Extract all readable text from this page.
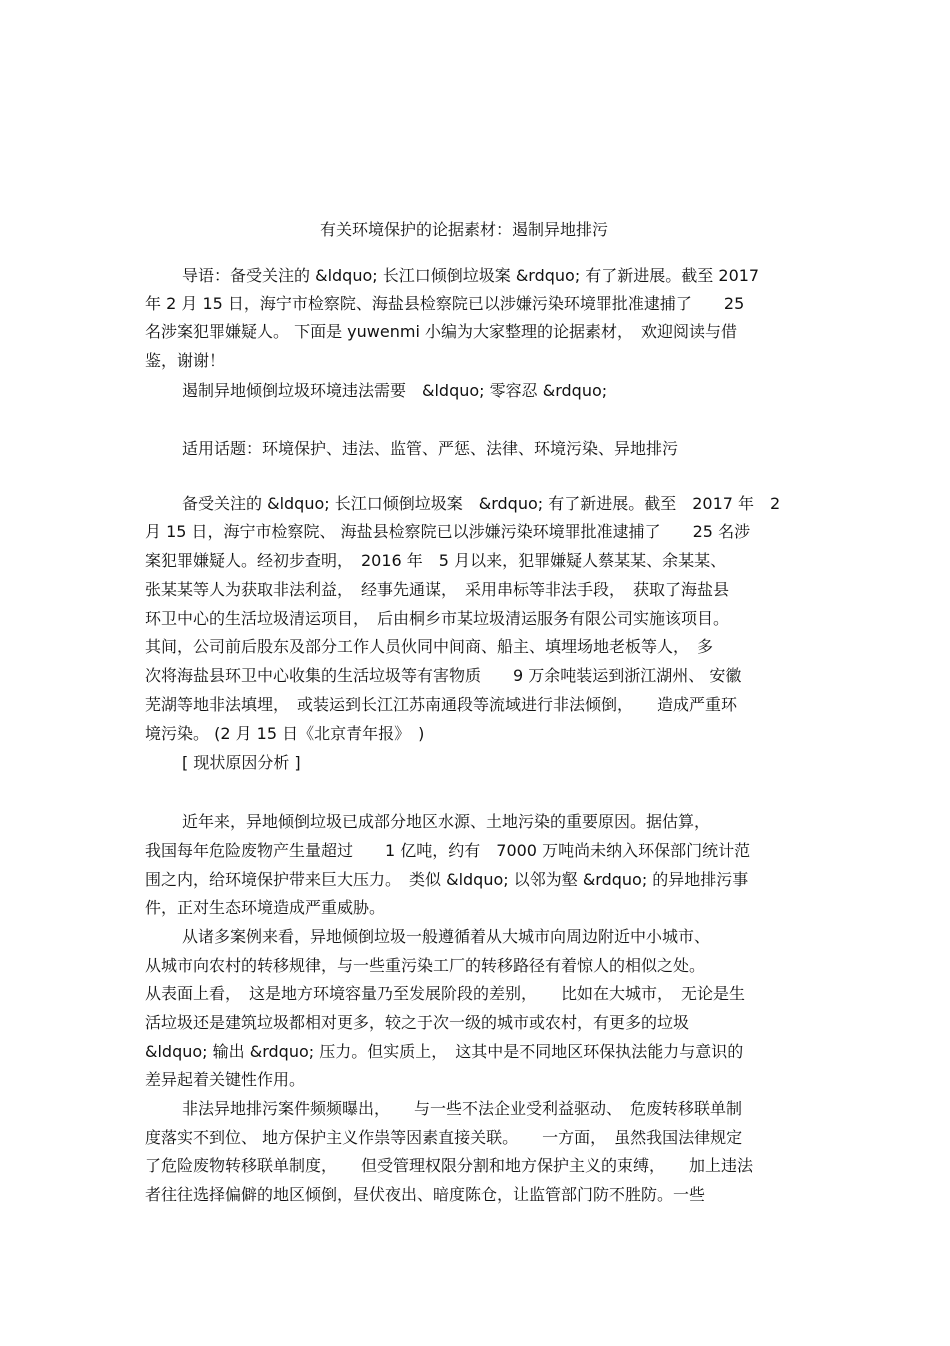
有关环境保护的论据素材：遏制异地排污
导语：备受关注的 &ldquo; 长江口倾倒垃圾案 &rdquo; 有了新进展。截至 2017
年 2 月 15 日，海宁市检察院、海盐县检察院已以涉嫌污染环境罪批准逮捕了　　25
名涉案犯罪嫌疑人。 下面是 yuwenmi 小编为大家整理的论据素材，　欢迎阅读与借
鉴，谢谢！
遏制异地倾倒垃圾环境违法需要　&ldquo; 零容忍 &rdquo;
适用话题：环境保护、违法、监管、严惩、法律、环境污染、异地排污
备受关注的 &ldquo; 长江口倾倒垃圾案　&rdquo; 有了新进展。截至　2017 年　2
月 15 日，海宁市检察院、 海盐县检察院已以涉嫌污染环境罪批准逮捕了　　25 名涉
案犯罪嫌疑人。经初步查明，　2016 年　5 月以来，犯罪嫌疑人蔡某某、余某某、
张某某等人为获取非法利益，　经事先通谋，　采用串标等非法手段，　获取了海盐县
环卫中心的生活垃圾清运项目，　后由桐乡市某垃圾清运服务有限公司实施该项目。
其间，公司前后股东及部分工作人员伙同中间商、船主、填埋场地老板等人，　多
次将海盐县环卫中心收集的生活垃圾等有害物质　　9 万余吨装运到浙江湖州、 安徽
芜湖等地非法填埋，　或装运到长江江苏南通段等流域进行非法倾倒，　　造成严重环
境污染。 (2 月 15 日《北京青年报》　)
[ 现状原因分析 ]
近年来，异地倾倒垃圾已成部分地区水源、土地污染的重要原因。据估算，
我国每年危险废物产生量超过　　1 亿吨，约有　7000 万吨尚未纳入环保部门统计范
围之内，给环境保护带来巨大压力。　类似 &ldquo; 以邻为壑 &rdquo; 的异地排污事
件，正对生态环境造成严重威胁。
从诸多案例来看，异地倾倒垃圾一般遵循着从大城市向周边附近中小城市、
从城市向农村的转移规律，与一些重污染工厂的转移路径有着惊人的相似之处。
从表面上看，　这是地方环境容量乃至发展阶段的差别，　　比如在大城市，　无论是生
活垃圾还是建筑垃圾都相对更多，较之于次一级的城市或农村，有更多的垃圾
&ldquo; 输出 &rdquo; 压力。但实质上，　这其中是不同地区环保执法能力与意识的
差异起着关键性作用。
非法异地排污案件频频曝出，　　与一些不法企业受利益驱动、　危废转移联单制
度落实不到位、 地方保护主义作祟等因素直接关联。　　一方面，　虽然我国法律规定
了危险废物转移联单制度，　　但受管理权限分割和地方保护主义的束缚，　　加上违法
者往往选择偏僻的地区倾倒，昼伏夜出、暗度陈仓，让监管部门防不胜防。一些
